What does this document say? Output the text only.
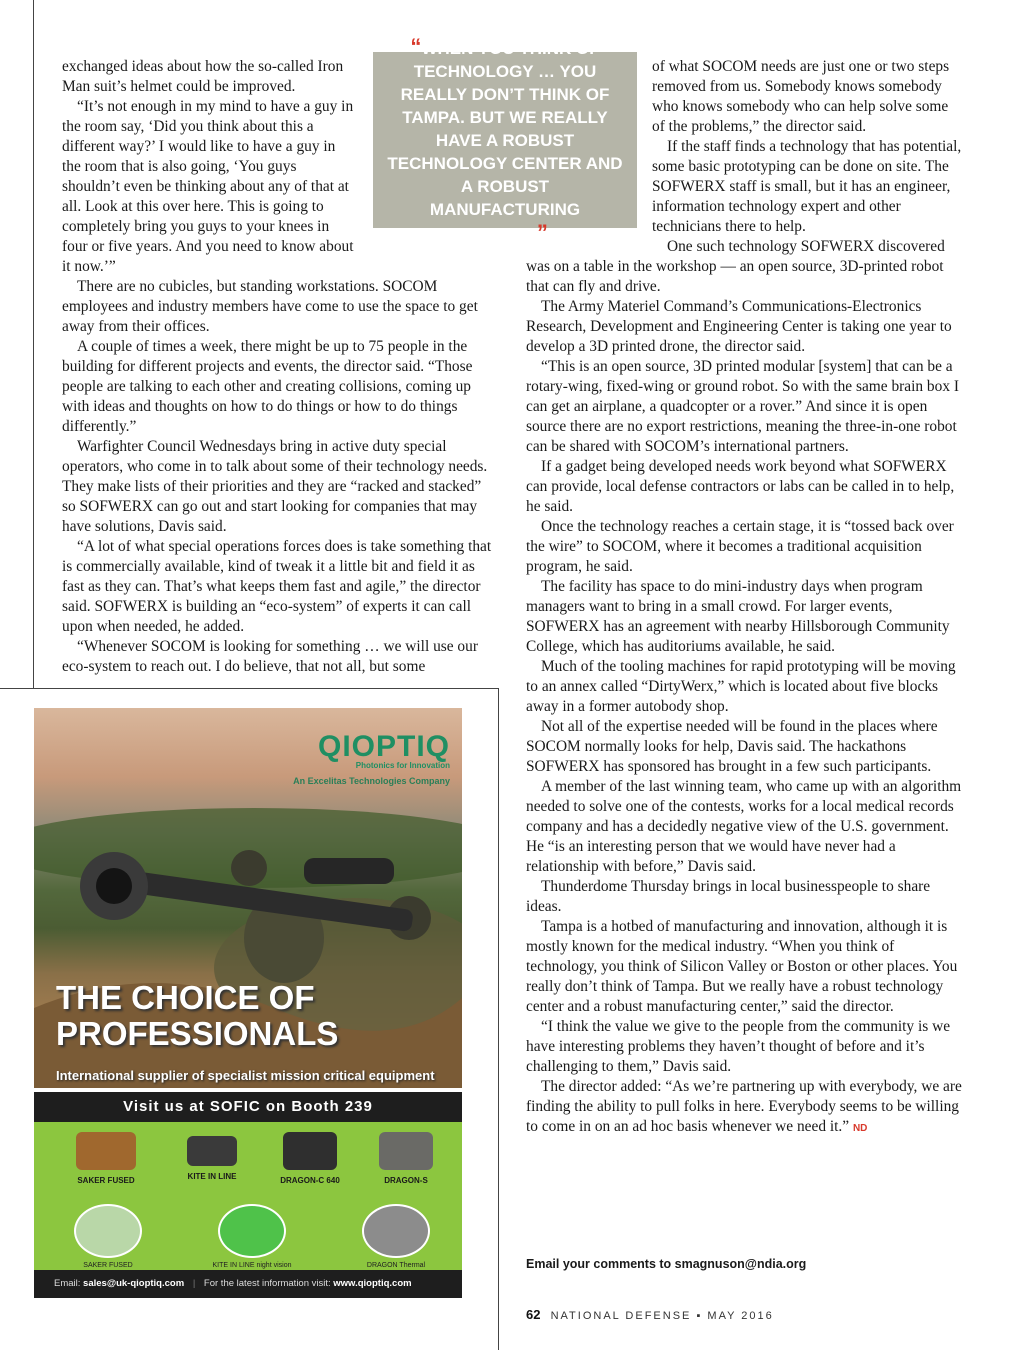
“WHEN YOU THINK OF TECHNOLOGY … YOU REALLY DON’T THINK OF TAMPA. BUT WE REALLY HAVE A ROBUST TECHNOLOGY CENTER AND A ROBUST MANUFACTURING CENTER.”

exchanged ideas about how the so-called Iron Man suit’s helmet could be improved.

“It’s not enough in my mind to have a guy in the room say, ‘Did you think about this a different way?’ I would like to have a guy in the room that is also going, ‘You guys shouldn’t even be thinking about any of that at all. Look at this over here. This is going to completely bring you guys to your knees in four or five years. And you need to know about it now.’”

There are no cubicles, but standing workstations. SOCOM employees and industry members have come to use the space to get away from their offices.

A couple of times a week, there might be up to 75 people in the building for different projects and events, the director said. “Those people are talking to each other and creating collisions, coming up with ideas and thoughts on how to do things or how to do things differently.”

Warfighter Council Wednesdays bring in active duty special operators, who come in to talk about some of their technology needs. They make lists of their priorities and they are “racked and stacked” so SOFWERX can go out and start looking for companies that may have solutions, Davis said.

“A lot of what special operations forces does is take something that is commercially available, kind of tweak it a little bit and field it as fast as they can. That’s what keeps them fast and agile,” the director said. SOFWERX is building an “eco-system” of experts it can call upon when needed, he added.

“Whenever SOCOM is looking for something … we will use our eco-system to reach out. I do believe, that not all, but some

of what SOCOM needs are just one or two steps removed from us. Somebody knows somebody who knows somebody who can help solve some of the problems,” the director said.

If the staff finds a technology that has potential, some basic prototyping can be done on site. The SOFWERX staff is small, but it has an engineer, information technology expert and other technicians there to help.

One such technology SOFWERX discovered was on a table in the workshop — an open source, 3D-printed robot that can fly and drive.

The Army Materiel Command’s Communications-Electronics Research, Development and Engineering Center is taking one year to develop a 3D printed drone, the director said.

“This is an open source, 3D printed modular [system] that can be a rotary-wing, fixed-wing or ground robot. So with the same brain box I can get an airplane, a quadcopter or a rover.” And since it is open source there are no export restrictions, meaning the three-in-one robot can be shared with SOCOM’s international partners.

If a gadget being developed needs work beyond what SOFWERX can provide, local defense contractors or labs can be called in to help, he said.

Once the technology reaches a certain stage, it is “tossed back over the wire” to SOCOM, where it becomes a traditional acquisition program, he said.

The facility has space to do mini-industry days when program managers want to bring in a small crowd. For larger events, SOFWERX has an agreement with nearby Hillsborough Community College, which has auditoriums available, he said.

Much of the tooling machines for rapid prototyping will be moving to an annex called “DirtyWerx,” which is located about five blocks away in a former autobody shop.

Not all of the expertise needed will be found in the places where SOCOM normally looks for help, Davis said. The hackathons SOFWERX has sponsored has brought in a few such participants.

A member of the last winning team, who came up with an algorithm needed to solve one of the contests, works for a local medical records company and has a decidedly negative view of the U.S. government. He “is an interesting person that we would have never had a relationship with before,” Davis said.

Thunderdome Thursday brings in local businesspeople to share ideas.

Tampa is a hotbed of manufacturing and innovation, although it is mostly known for the medical industry. “When you think of technology, you think of Silicon Valley or Boston or other places. You really don’t think of Tampa. But we really have a robust technology center and a robust manufacturing center,” said the director.

“I think the value we give to the people from the community is we have interesting problems they haven’t thought of before and it’s challenging to them,” Davis said.

The director added: “As we’re partnering up with everybody, we are finding the ability to pull folks in here. Everybody seems to be willing to come in on an ad hoc basis whenever we need it.” ND

QIOPTIQ
Photonics for Innovation
An Excelitas Technologies Company
THE CHOICE OF
PROFESSIONALS
International supplier of specialist mission critical equipment
Visit us at SOFIC on Booth 239
SAKER FUSED	KITE IN LINE	DRAGON-C 640	DRAGON-S
SAKER FUSED	KITE IN LINE night vision	DRAGON Thermal
Email: sales@uk-qioptiq.com | For the latest information visit: www.qioptiq.com
Email your comments to smagnuson@ndia.org
62 NATIONAL DEFENSE ▪ MAY 2016
